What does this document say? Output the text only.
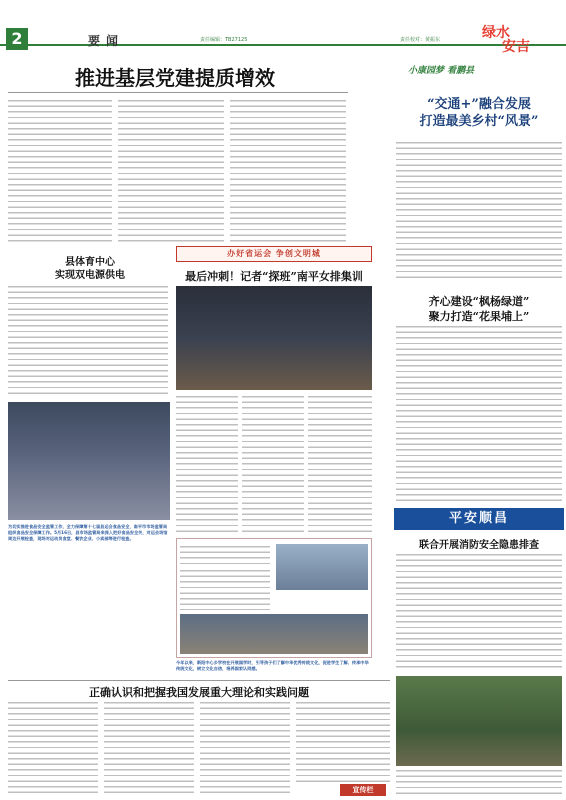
2	要闻	责任编辑：TB27125	责任校对：黄振东	绿水
安吉
推进基层党建提质增效
县体育中心
实现双电源供电
为切实推进食品安全监管工作，全力保障第十七届县运会食品安全，南平市市场监管局组织食品安全保障工作。5月16日，县市场监管局来深入把好食品安全关，对运会场馆周边开展检查，现场对运动员食堂、餐饮企业、小卖部等进行检查。
办好省运会 争创文明城
最后冲刺！记者“探班”南平女排集训
今年以来，新阳中心乡学校在开展国学时，引导孩子们了解中华优秀传统文化，促进学生了解、传承中华传统文化，树立文化自信，培养国家认同感。
小康园梦 看鹏县
“交通+”融合发展
打造最美乡村“风景”
齐心建设“枫杨绿道”
聚力打造“花果埔上”
平安顺昌
联合开展消防安全隐患排查
正确认识和把握我国发展重大理论和实践问题
宣传栏
